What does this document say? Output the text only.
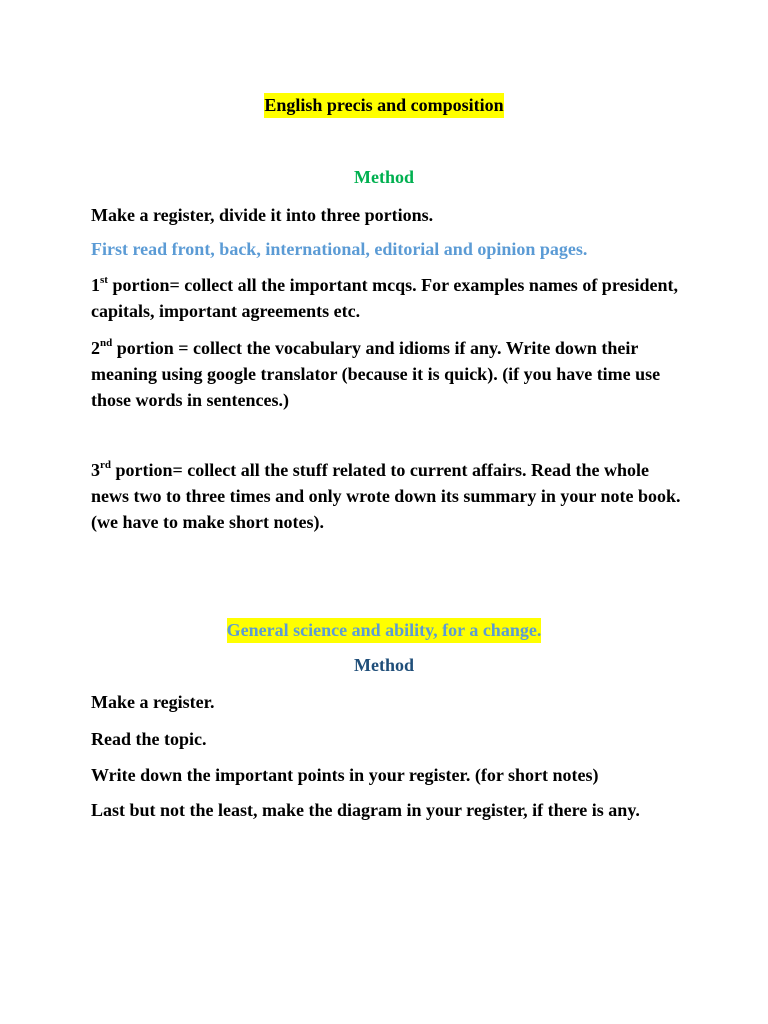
English precis and composition
Method

Make a register, divide it into three portions.

First read front, back, international, editorial and opinion pages.

1st portion= collect all the important mcqs. For examples names of president, capitals, important agreements etc.

2nd portion = collect the vocabulary and idioms if any. Write down their meaning using google translator (because it is quick). (if you have time use those words in sentences.)

3rd portion= collect all the stuff related to current affairs. Read the whole news two to three times and only wrote down its summary in your note book. (we have to make short notes).

General science and ability, for a change.
Method

Make a register.

Read the topic.

Write down the important points in your register. (for short notes)

Last but not the least, make the diagram in your register, if there is any.
